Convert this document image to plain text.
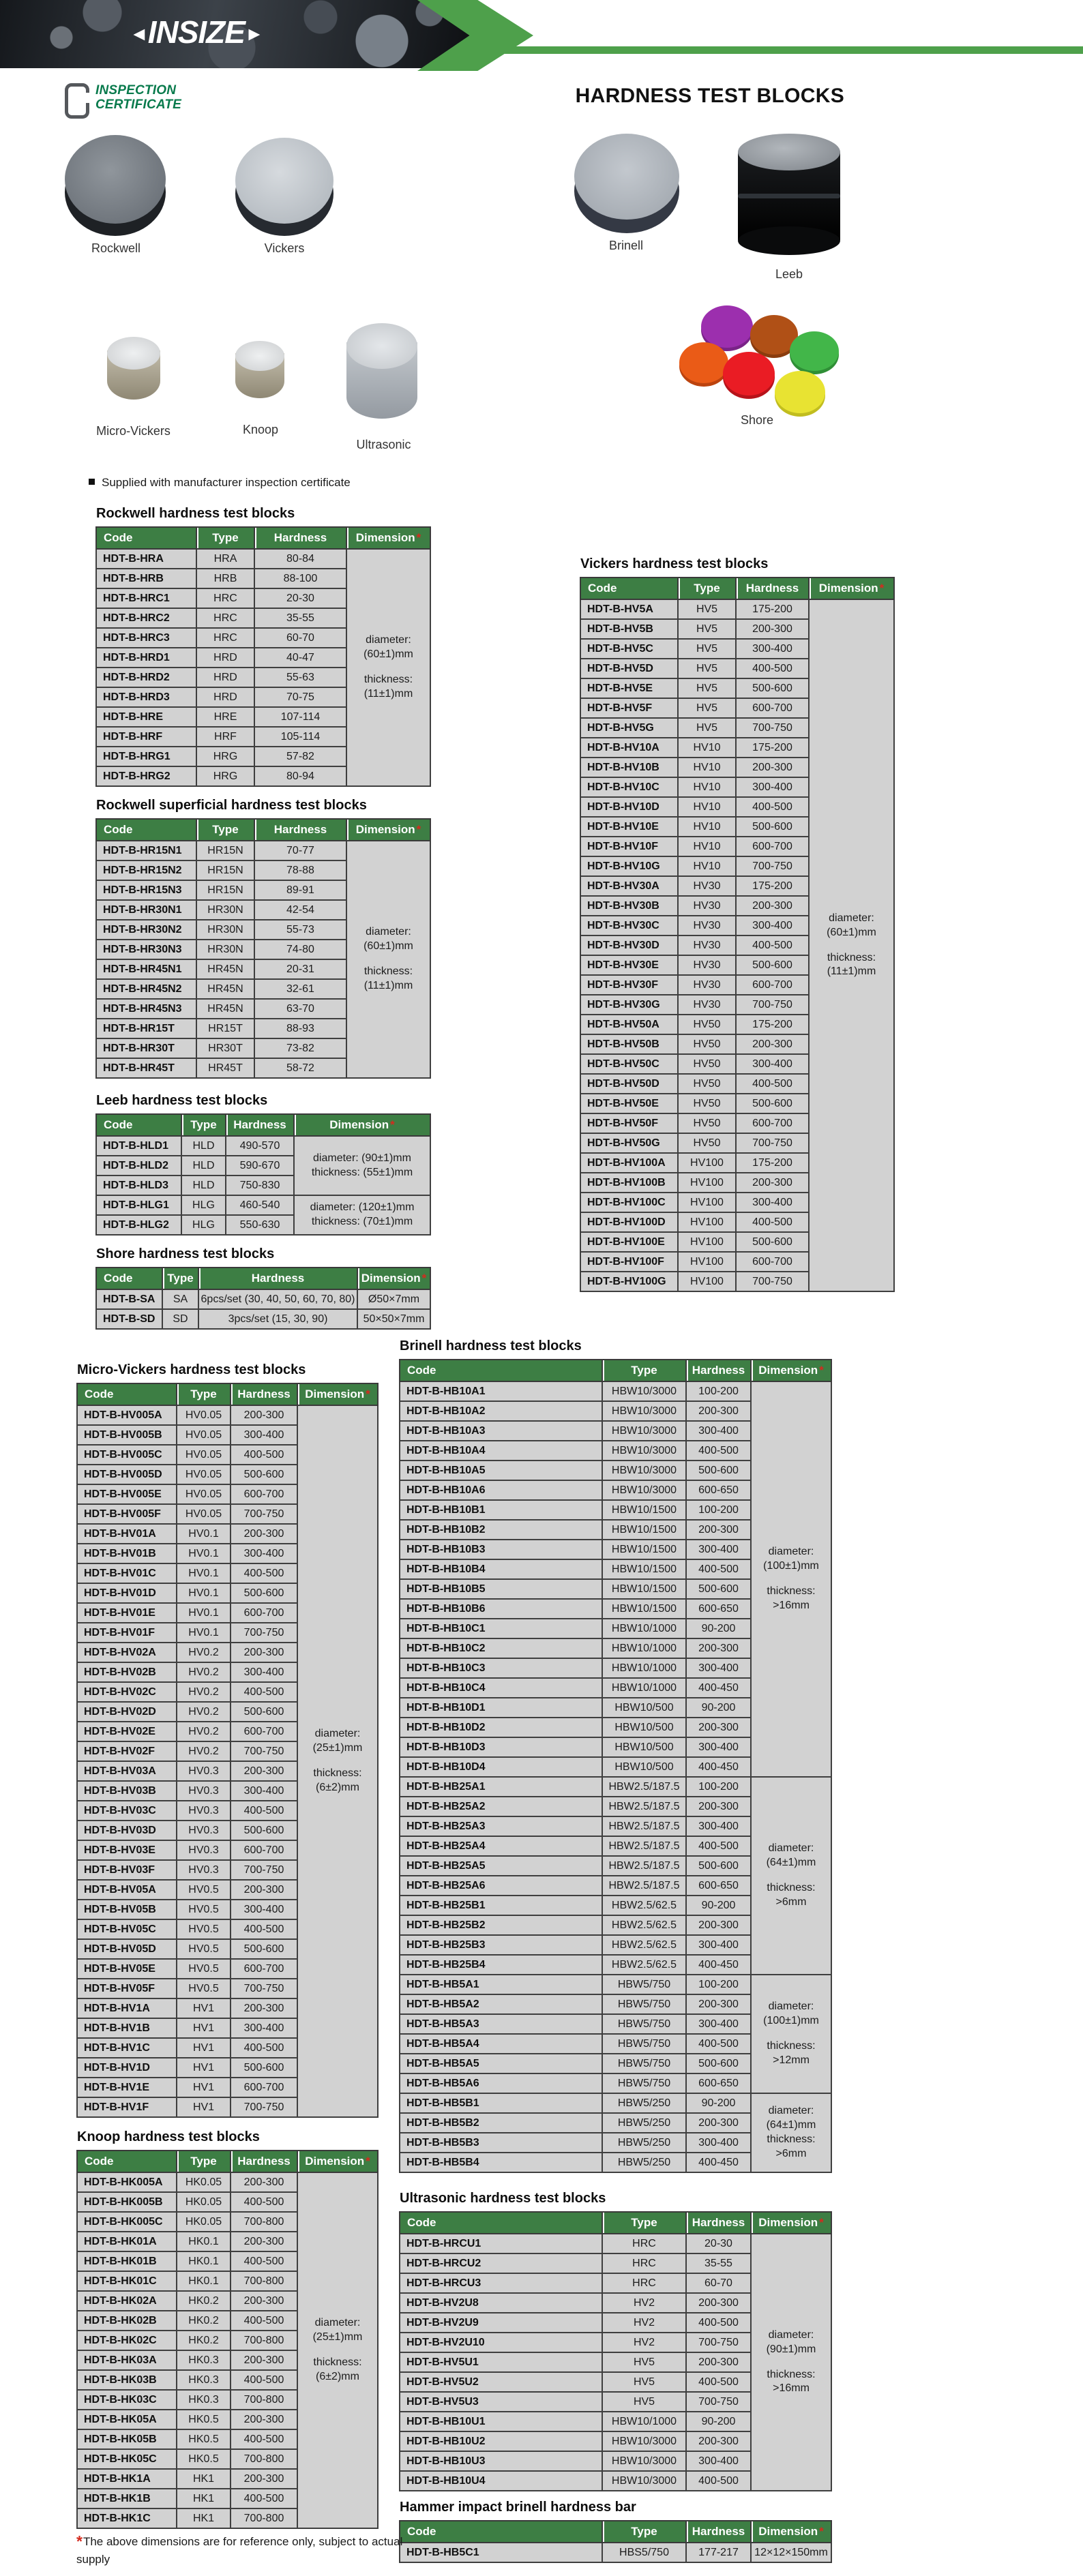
◄INSIZE►
HARDNESS TEST BLOCKS
INSPECTION
CERTIFICATE
Rockwell	Vickers	Brinell
Leeb
Micro-Vickers	Knoop
Ultrasonic
Shore
Supplied with manufacturer inspection certificate
Rockwell hardness test blocks
Code	Type	Hardness	Dimension *
HDT-B-HRA	HRA	80-84	diameter:
(60±1)mm
thickness:
(11±1)mm

HDT-B-HRB	HRB	88-100	
HDT-B-HRC1	HRC	20-30	
HDT-B-HRC2	HRC	35-55	
HDT-B-HRC3	HRC	60-70	
HDT-B-HRD1	HRD	40-47	
HDT-B-HRD2	HRD	55-63	
HDT-B-HRD3	HRD	70-75	
HDT-B-HRE	HRE	107-114	
HDT-B-HRF	HRF	105-114	
HDT-B-HRG1	HRG	57-82	
HDT-B-HRG2	HRG	80-94	
Rockwell superficial hardness test blocks
Code	Type	Hardness	Dimension *
HDT-B-HR15N1	HR15N	70-77	diameter:
(60±1)mm
thickness:
(11±1)mm

HDT-B-HR15N2	HR15N	78-88	
HDT-B-HR15N3	HR15N	89-91	
HDT-B-HR30N1	HR30N	42-54	
HDT-B-HR30N2	HR30N	55-73	
HDT-B-HR30N3	HR30N	74-80	
HDT-B-HR45N1	HR45N	20-31	
HDT-B-HR45N2	HR45N	32-61	
HDT-B-HR45N3	HR45N	63-70	
HDT-B-HR15T	HR15T	88-93	
HDT-B-HR30T	HR30T	73-82	
HDT-B-HR45T	HR45T	58-72	
Leeb hardness test blocks
Code	Type	Hardness	Dimension *
HDT-B-HLD1	HLD	490-570	diameter: (90±1)mm
thickness: (55±1)mm

HDT-B-HLD2	HLD	590-670	
HDT-B-HLD3	HLD	750-830	
HDT-B-HLG1	HLG	460-540	diameter: (120±1)mm
thickness: (70±1)mm

HDT-B-HLG2	HLG	550-630	
Shore hardness test blocks
Code	Type	Hardness	Dimension *
HDT-B-SA	SA	6pcs/set (30, 40, 50, 60, 70, 80)	Ø50×7mm
HDT-B-SD	SD	3pcs/set (15, 30, 90)	50×50×7mm
Vickers hardness test blocks
Code	Type	Hardness	Dimension *
HDT-B-HV5A	HV5	175-200	diameter:
(60±1)mm
thickness:
(11±1)mm

HDT-B-HV5B	HV5	200-300	
HDT-B-HV5C	HV5	300-400	
HDT-B-HV5D	HV5	400-500	
HDT-B-HV5E	HV5	500-600	
HDT-B-HV5F	HV5	600-700	
HDT-B-HV5G	HV5	700-750	
HDT-B-HV10A	HV10	175-200	
HDT-B-HV10B	HV10	200-300	
HDT-B-HV10C	HV10	300-400	
HDT-B-HV10D	HV10	400-500	
HDT-B-HV10E	HV10	500-600	
HDT-B-HV10F	HV10	600-700	
HDT-B-HV10G	HV10	700-750	
HDT-B-HV30A	HV30	175-200	
HDT-B-HV30B	HV30	200-300	
HDT-B-HV30C	HV30	300-400	
HDT-B-HV30D	HV30	400-500	
HDT-B-HV30E	HV30	500-600	
HDT-B-HV30F	HV30	600-700	
HDT-B-HV30G	HV30	700-750	
HDT-B-HV50A	HV50	175-200	
HDT-B-HV50B	HV50	200-300	
HDT-B-HV50C	HV50	300-400	
HDT-B-HV50D	HV50	400-500	
HDT-B-HV50E	HV50	500-600	
HDT-B-HV50F	HV50	600-700	
HDT-B-HV50G	HV50	700-750	
HDT-B-HV100A	HV100	175-200	
HDT-B-HV100B	HV100	200-300	
HDT-B-HV100C	HV100	300-400	
HDT-B-HV100D	HV100	400-500	
HDT-B-HV100E	HV100	500-600	
HDT-B-HV100F	HV100	600-700	
HDT-B-HV100G	HV100	700-750	
Micro-Vickers hardness test blocks
Code	Type	Hardness	Dimension *
HDT-B-HV005A	HV0.05	200-300	diameter:
(25±1)mm
thickness:
(6±2)mm

HDT-B-HV005B	HV0.05	300-400	
HDT-B-HV005C	HV0.05	400-500	
HDT-B-HV005D	HV0.05	500-600	
HDT-B-HV005E	HV0.05	600-700	
HDT-B-HV005F	HV0.05	700-750	
HDT-B-HV01A	HV0.1	200-300	
HDT-B-HV01B	HV0.1	300-400	
HDT-B-HV01C	HV0.1	400-500	
HDT-B-HV01D	HV0.1	500-600	
HDT-B-HV01E	HV0.1	600-700	
HDT-B-HV01F	HV0.1	700-750	
HDT-B-HV02A	HV0.2	200-300	
HDT-B-HV02B	HV0.2	300-400	
HDT-B-HV02C	HV0.2	400-500	
HDT-B-HV02D	HV0.2	500-600	
HDT-B-HV02E	HV0.2	600-700	
HDT-B-HV02F	HV0.2	700-750	
HDT-B-HV03A	HV0.3	200-300	
HDT-B-HV03B	HV0.3	300-400	
HDT-B-HV03C	HV0.3	400-500	
HDT-B-HV03D	HV0.3	500-600	
HDT-B-HV03E	HV0.3	600-700	
HDT-B-HV03F	HV0.3	700-750	
HDT-B-HV05A	HV0.5	200-300	
HDT-B-HV05B	HV0.5	300-400	
HDT-B-HV05C	HV0.5	400-500	
HDT-B-HV05D	HV0.5	500-600	
HDT-B-HV05E	HV0.5	600-700	
HDT-B-HV05F	HV0.5	700-750	
HDT-B-HV1A	HV1	200-300	
HDT-B-HV1B	HV1	300-400	
HDT-B-HV1C	HV1	400-500	
HDT-B-HV1D	HV1	500-600	
HDT-B-HV1E	HV1	600-700	
HDT-B-HV1F	HV1	700-750	
Knoop hardness test blocks
Code	Type	Hardness	Dimension *
HDT-B-HK005A	HK0.05	200-300	diameter:
(25±1)mm
thickness:
(6±2)mm

HDT-B-HK005B	HK0.05	400-500	
HDT-B-HK005C	HK0.05	700-800	
HDT-B-HK01A	HK0.1	200-300	
HDT-B-HK01B	HK0.1	400-500	
HDT-B-HK01C	HK0.1	700-800	
HDT-B-HK02A	HK0.2	200-300	
HDT-B-HK02B	HK0.2	400-500	
HDT-B-HK02C	HK0.2	700-800	
HDT-B-HK03A	HK0.3	200-300	
HDT-B-HK03B	HK0.3	400-500	
HDT-B-HK03C	HK0.3	700-800	
HDT-B-HK05A	HK0.5	200-300	
HDT-B-HK05B	HK0.5	400-500	
HDT-B-HK05C	HK0.5	700-800	
HDT-B-HK1A	HK1	200-300	
HDT-B-HK1B	HK1	400-500	
HDT-B-HK1C	HK1	700-800	
Brinell hardness test blocks
Code	Type	Hardness	Dimension *
HDT-B-HB10A1	HBW10/3000	100-200	diameter:
(100±1)mm
thickness:
>16mm

HDT-B-HB10A2	HBW10/3000	200-300	
HDT-B-HB10A3	HBW10/3000	300-400	
HDT-B-HB10A4	HBW10/3000	400-500	
HDT-B-HB10A5	HBW10/3000	500-600	
HDT-B-HB10A6	HBW10/3000	600-650	
HDT-B-HB10B1	HBW10/1500	100-200	
HDT-B-HB10B2	HBW10/1500	200-300	
HDT-B-HB10B3	HBW10/1500	300-400	
HDT-B-HB10B4	HBW10/1500	400-500	
HDT-B-HB10B5	HBW10/1500	500-600	
HDT-B-HB10B6	HBW10/1500	600-650	
HDT-B-HB10C1	HBW10/1000	90-200	
HDT-B-HB10C2	HBW10/1000	200-300	
HDT-B-HB10C3	HBW10/1000	300-400	
HDT-B-HB10C4	HBW10/1000	400-450	
HDT-B-HB10D1	HBW10/500	90-200	
HDT-B-HB10D2	HBW10/500	200-300	
HDT-B-HB10D3	HBW10/500	300-400	
HDT-B-HB10D4	HBW10/500	400-450	
HDT-B-HB25A1	HBW2.5/187.5	100-200	diameter:
(64±1)mm
thickness:
>6mm

HDT-B-HB25A2	HBW2.5/187.5	200-300	
HDT-B-HB25A3	HBW2.5/187.5	300-400	
HDT-B-HB25A4	HBW2.5/187.5	400-500	
HDT-B-HB25A5	HBW2.5/187.5	500-600	
HDT-B-HB25A6	HBW2.5/187.5	600-650	
HDT-B-HB25B1	HBW2.5/62.5	90-200	
HDT-B-HB25B2	HBW2.5/62.5	200-300	
HDT-B-HB25B3	HBW2.5/62.5	300-400	
HDT-B-HB25B4	HBW2.5/62.5	400-450	
HDT-B-HB5A1	HBW5/750	100-200	diameter:
(100±1)mm
thickness:
>12mm

HDT-B-HB5A2	HBW5/750	200-300	
HDT-B-HB5A3	HBW5/750	300-400	
HDT-B-HB5A4	HBW5/750	400-500	
HDT-B-HB5A5	HBW5/750	500-600	
HDT-B-HB5A6	HBW5/750	600-650	
HDT-B-HB5B1	HBW5/250	90-200	diameter:
(64±1)mm
thickness:
>6mm

HDT-B-HB5B2	HBW5/250	200-300	
HDT-B-HB5B3	HBW5/250	300-400	
HDT-B-HB5B4	HBW5/250	400-450	
Ultrasonic hardness test blocks
Code	Type	Hardness	Dimension *
HDT-B-HRCU1	HRC	20-30	diameter:
(90±1)mm
thickness:
>16mm

HDT-B-HRCU2	HRC	35-55	
HDT-B-HRCU3	HRC	60-70	
HDT-B-HV2U8	HV2	200-300	
HDT-B-HV2U9	HV2	400-500	
HDT-B-HV2U10	HV2	700-750	
HDT-B-HV5U1	HV5	200-300	
HDT-B-HV5U2	HV5	400-500	
HDT-B-HV5U3	HV5	700-750	
HDT-B-HB10U1	HBW10/1000	90-200	
HDT-B-HB10U2	HBW10/3000	200-300	
HDT-B-HB10U3	HBW10/3000	300-400	
HDT-B-HB10U4	HBW10/3000	400-500	
Hammer impact brinell hardness bar
Code	Type	Hardness	Dimension *
HDT-B-HB5C1	HBS5/750	177-217	12×12×150mm
*The above dimensions are for reference only, subject to actual supply
